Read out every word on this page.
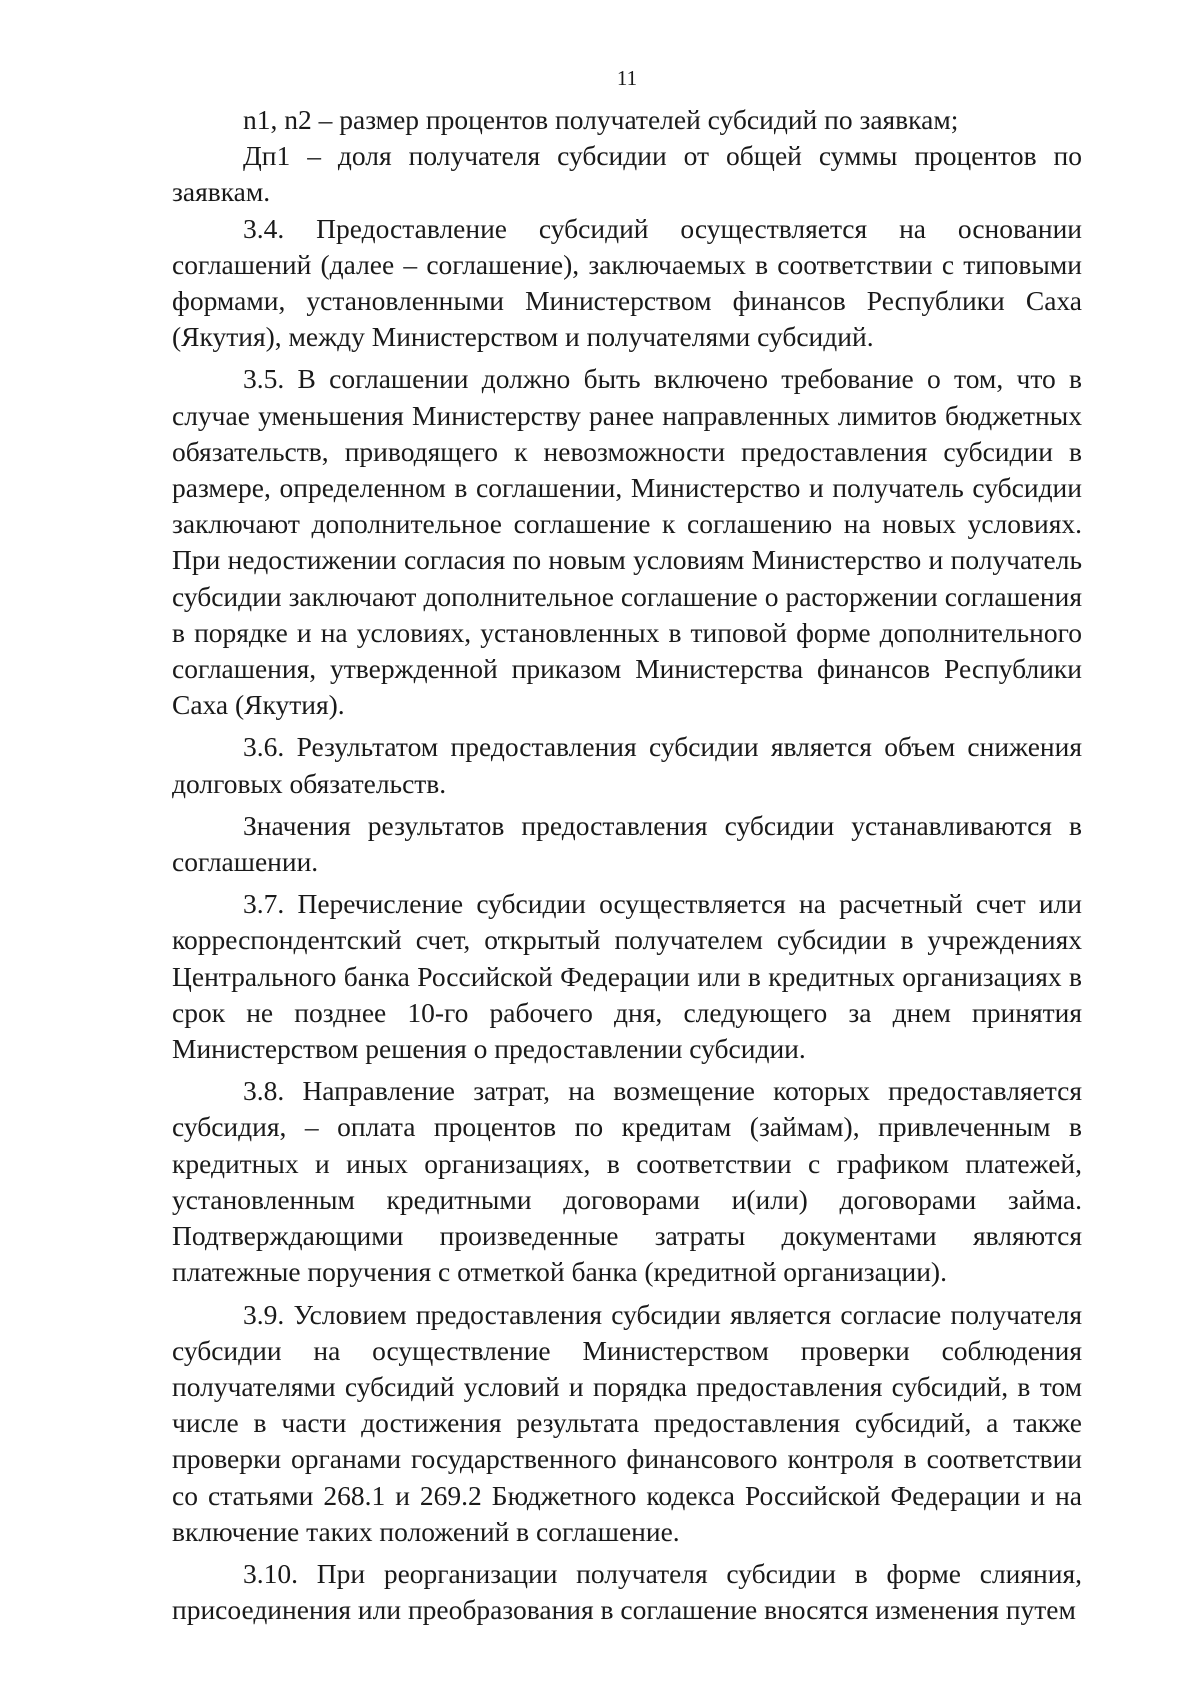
11

n1, n2 – размер процентов получателей субсидий по заявкам;

Дп1 – доля получателя субсидии от общей суммы процентов по заявкам.

3.4. Предоставление субсидий осуществляется на основании соглашений (далее – соглашение), заключаемых в соответствии с типовыми формами, установленными Министерством финансов Республики Саха (Якутия), между Министерством и получателями субсидий.

3.5. В соглашении должно быть включено требование о том, что в случае уменьшения Министерству ранее направленных лимитов бюджетных обязательств, приводящего к невозможности предоставления субсидии в размере, определенном в соглашении, Министерство и получатель субсидии заключают дополнительное соглашение к соглашению на новых условиях. При недостижении согласия по новым условиям Министерство и получатель субсидии заключают дополнительное соглашение о расторжении соглашения в порядке и на условиях, установленных в типовой форме дополнительного соглашения, утвержденной приказом Министерства финансов Республики Саха (Якутия).

3.6. Результатом предоставления субсидии является объем снижения долговых обязательств.

Значения результатов предоставления субсидии устанавливаются в соглашении.

3.7. Перечисление субсидии осуществляется на расчетный счет или корреспондентский счет, открытый получателем субсидии в учреждениях Центрального банка Российской Федерации или в кредитных организациях в срок не позднее 10-го рабочего дня, следующего за днем принятия Министерством решения о предоставлении субсидии.

3.8. Направление затрат, на возмещение которых предоставляется субсидия, – оплата процентов по кредитам (займам), привлеченным в кредитных и иных организациях, в соответствии с графиком платежей, установленным кредитными договорами и(или) договорами займа. Подтверждающими произведенные затраты документами являются платежные поручения с отметкой банка (кредитной организации).

3.9. Условием предоставления субсидии является согласие получателя субсидии на осуществление Министерством проверки соблюдения получателями субсидий условий и порядка предоставления субсидий, в том числе в части достижения результата предоставления субсидий, а также проверки органами государственного финансового контроля в соответствии со статьями 268.1 и 269.2 Бюджетного кодекса Российской Федерации и на включение таких положений в соглашение.

3.10. При реорганизации получателя субсидии в форме слияния, присоединения или преобразования в соглашение вносятся изменения путем
